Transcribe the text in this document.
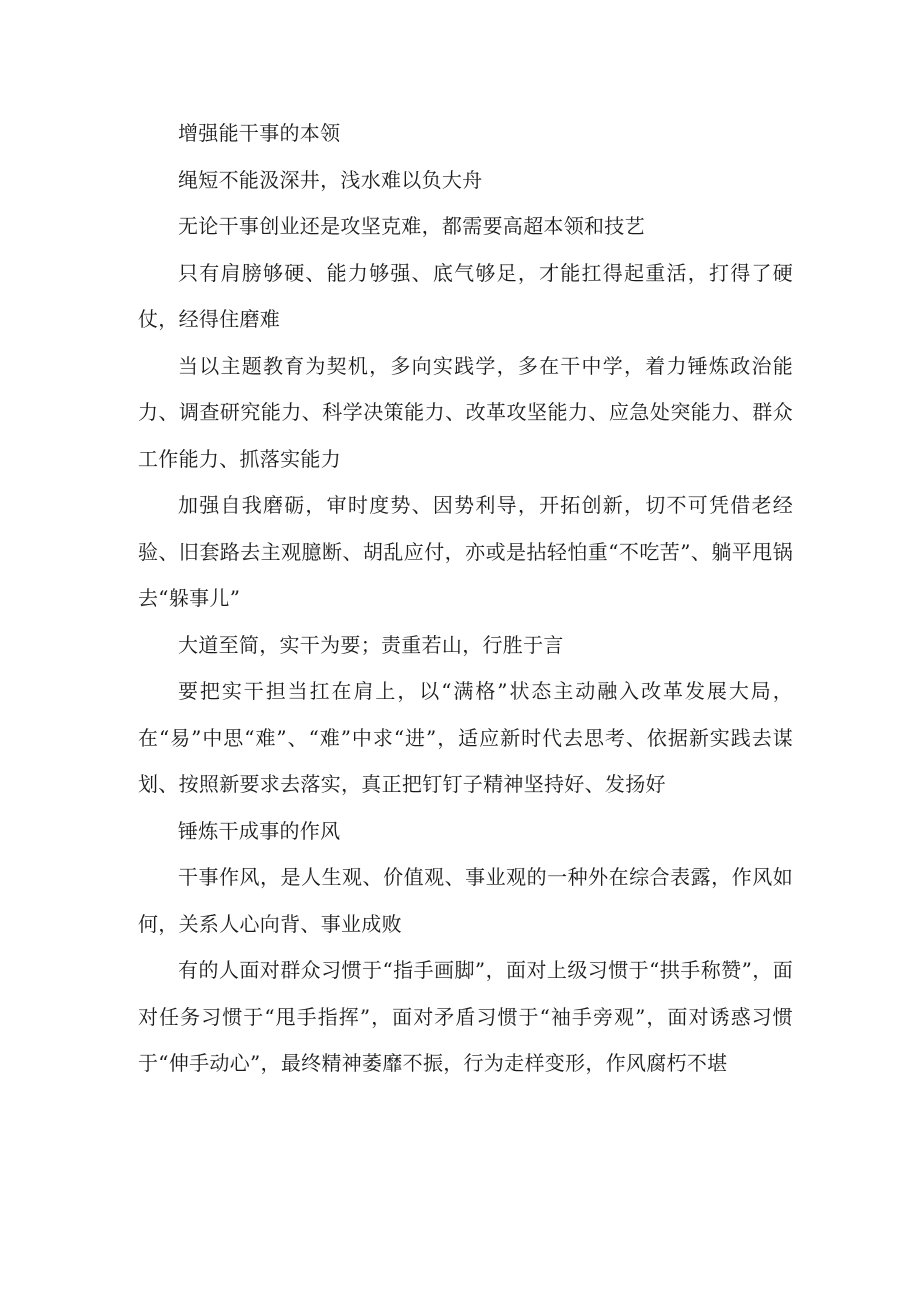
增强能干事的本领

绳短不能汲深井，浅水难以负大舟

无论干事创业还是攻坚克难，都需要高超本领和技艺

只有肩膀够硬、能力够强、底气够足，才能扛得起重活，打得了硬仗，经得住磨难

当以主题教育为契机，多向实践学，多在干中学，着力锤炼政治能力、调查研究能力、科学决策能力、改革攻坚能力、应急处突能力、群众工作能力、抓落实能力

加强自我磨砺，审时度势、因势利导，开拓创新，切不可凭借老经验、旧套路去主观臆断、胡乱应付，亦或是拈轻怕重“不吃苦”、躺平甩锅去“躲事儿”

大道至简，实干为要；责重若山，行胜于言

要把实干担当扛在肩上，以“满格”状态主动融入改革发展大局，在“易”中思“难”、“难”中求“进”，适应新时代去思考、依据新实践去谋划、按照新要求去落实，真正把钉钉子精神坚持好、发扬好

锤炼干成事的作风

干事作风，是人生观、价值观、事业观的一种外在综合表露，作风如何，关系人心向背、事业成败

有的人面对群众习惯于“指手画脚”，面对上级习惯于“拱手称赞”，面对任务习惯于“甩手指挥”，面对矛盾习惯于“袖手旁观”，面对诱惑习惯于“伸手动心”，最终精神萎靡不振，行为走样变形，作风腐朽不堪
